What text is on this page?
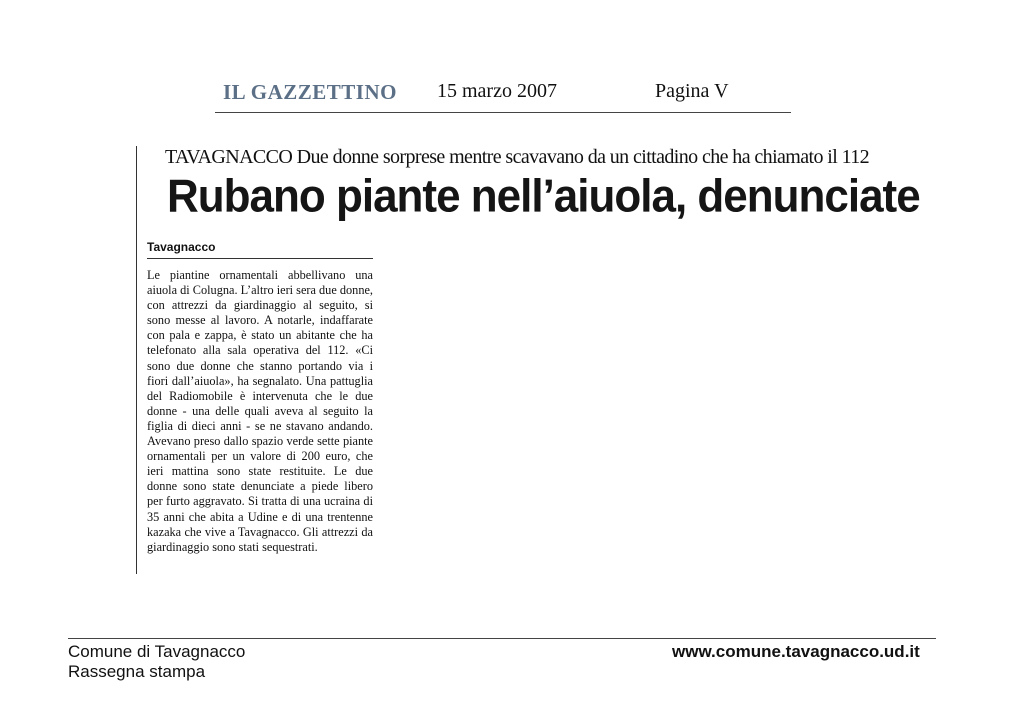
IL GAZZETTINO 15 marzo 2007	Pagina V
TAVAGNACCO Due donne sorprese mentre scavavano da un cittadino che ha chiamato il 112
Rubano piante nell’aiuola, denunciate
Tavagnacco
Le piantine ornamentali abbellivano una aiuola di Colugna. L’altro ieri sera due donne, con attrezzi da giardinaggio al seguito, si sono messe al lavoro. A notarle, indaffarate con pala e zappa, è stato un abitante che ha telefonato alla sala operativa del 112. «Ci sono due donne che stanno portando via i fiori dall’aiuola», ha segnalato. Una pattuglia del Radiomobile è intervenuta che le due donne - una delle quali aveva al seguito la figlia di dieci anni - se ne stavano andando. Avevano preso dallo spazio verde sette piante ornamentali per un valore di 200 euro, che ieri mattina sono state restituite. Le due donne sono state denunciate a piede libero per furto aggravato. Si tratta di una ucraina di 35 anni che abita a Udine e di una trentenne kazaka che vive a Tavagnacco. Gli attrezzi da giardinaggio sono stati sequestrati.
Comune di Tavagnacco
Rassegna stampa
www.comune.tavagnacco.ud.it
